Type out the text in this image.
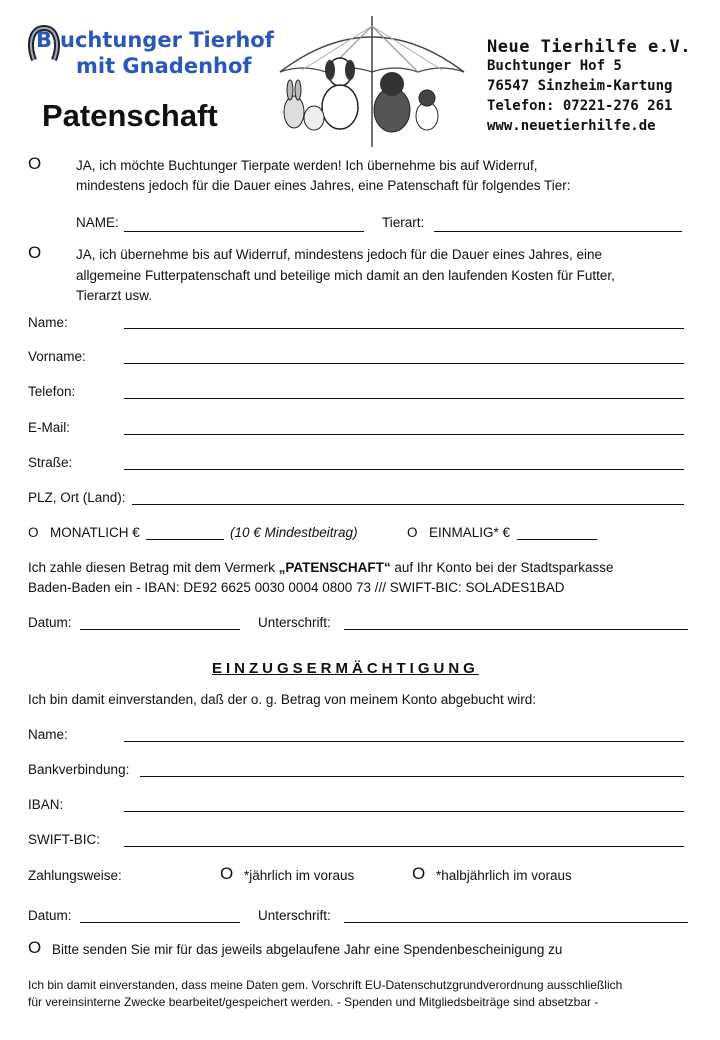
B uchtunger Tierhof
mit Gnadenhof
Patenschaft
Neue Tierhilfe e.V.
Buchtunger Hof 5
76547 Sinzheim-Kartung
Telefon: 07221-276 261
www.neuetierhilfe.de
O	JA, ich möchte Buchtunger Tierpate werden! Ich übernehme bis auf Widerruf,
mindestens jedoch für die Dauer eines Jahres, eine Patenschaft für folgendes Tier:
NAME:	Tierart:
O	JA, ich übernehme bis auf Widerruf, mindestens jedoch für die Dauer eines Jahres, eine
allgemeine Futterpatenschaft und beteilige mich damit an den laufenden Kosten für Futter,
Tierarzt usw.
Name:
Vorname:
Telefon:
E-Mail:
Straße:
PLZ, Ort (Land):
O MONATLICH €	(10 € Mindestbeitrag)	O EINMALIG* €
Ich zahle diesen Betrag mit dem Vermerk „PATENSCHAFT“ auf Ihr Konto bei der Stadtsparkasse
Baden-Baden ein - IBAN: DE92 6625 0030 0004 0800 73 /// SWIFT-BIC: SOLADES1BAD
Datum:	Unterschrift:
EINZUGSERMÄCHTIGUNG
Ich bin damit einverstanden, daß der o. g. Betrag von meinem Konto abgebucht wird:
Name:
Bankverbindung:
IBAN:
SWIFT-BIC:
Zahlungsweise:	O *jährlich im voraus	O *halbjährlich im voraus
Datum:	Unterschrift:
O Bitte senden Sie mir für das jeweils abgelaufene Jahr eine Spendenbescheinigung zu
Ich bin damit einverstanden, dass meine Daten gem. Vorschrift EU-Datenschutzgrundverordnung ausschließlich
für vereinsinterne Zwecke bearbeitet/gespeichert werden. - Spenden und Mitgliedsbeiträge sind absetzbar -
